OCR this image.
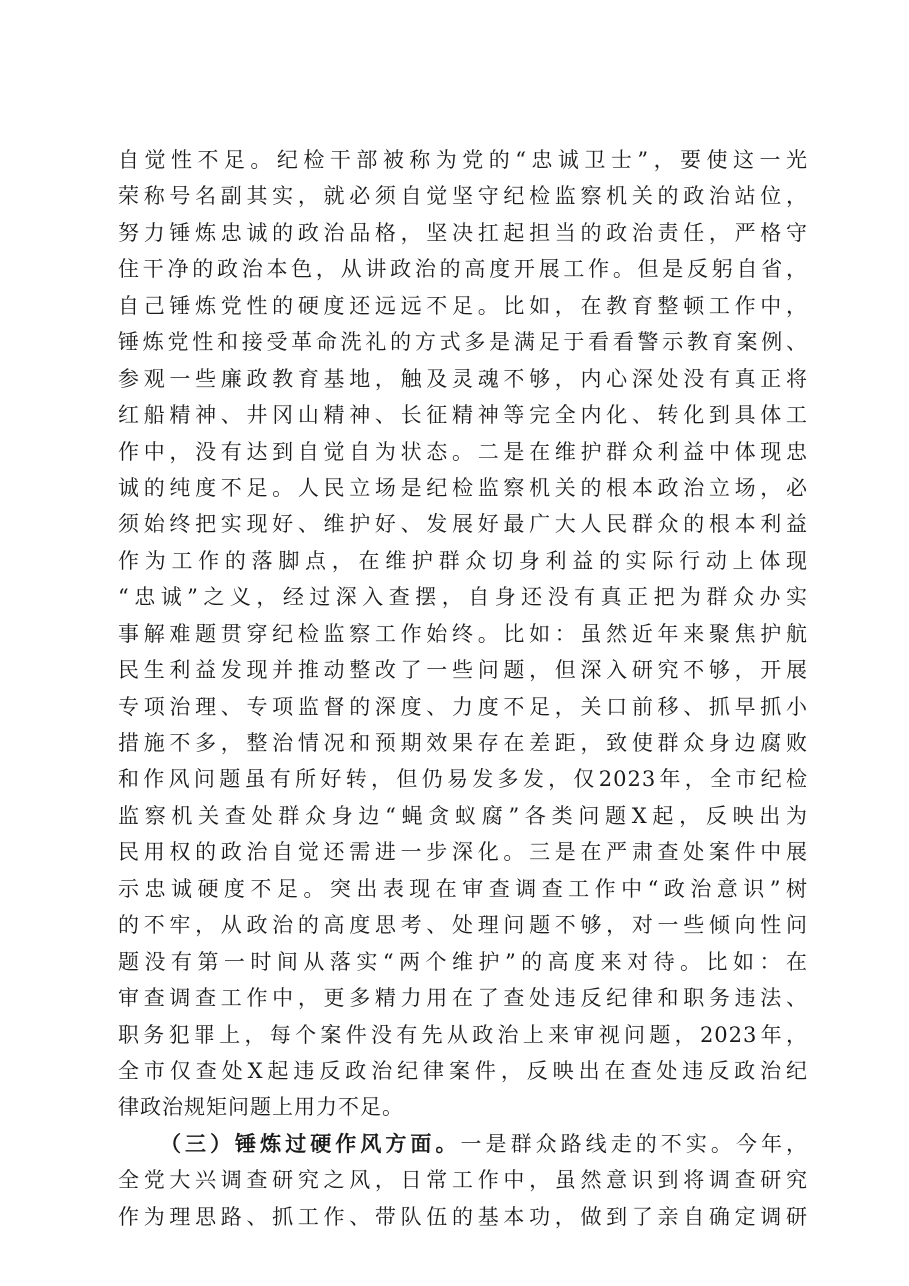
自觉性不足。纪检干部被称为党的“忠诚卫士”，要使这一光
荣称号名副其实，就必须自觉坚守纪检监察机关的政治站位，
努力锤炼忠诚的政治品格，坚决扛起担当的政治责任，严格守
住干净的政治本色，从讲政治的高度开展工作。但是反躬自省，
自己锤炼党性的硬度还远远不足。比如，在教育整顿工作中，
锤炼党性和接受革命洗礼的方式多是满足于看看警示教育案例、
参观一些廉政教育基地，触及灵魂不够，内心深处没有真正将
红船精神、井冈山精神、长征精神等完全内化、转化到具体工
作中，没有达到自觉自为状态。二是在维护群众利益中体现忠
诚的纯度不足。人民立场是纪检监察机关的根本政治立场，必
须始终把实现好、维护好、发展好最广大人民群众的根本利益
作为工作的落脚点，在维护群众切身利益的实际行动上体现
“忠诚”之义，经过深入查摆，自身还没有真正把为群众办实
事解难题贯穿纪检监察工作始终。比如：虽然近年来聚焦护航
民生利益发现并推动整改了一些问题，但深入研究不够，开展
专项治理、专项监督的深度、力度不足，关口前移、抓早抓小
措施不多，整治情况和预期效果存在差距，致使群众身边腐败
和作风问题虽有所好转，但仍易发多发，仅2023年，全市纪检
监察机关查处群众身边“蝇贪蚁腐”各类问题X起，反映出为
民用权的政治自觉还需进一步深化。三是在严肃查处案件中展
示忠诚硬度不足。突出表现在审查调查工作中“政治意识”树
的不牢，从政治的高度思考、处理问题不够，对一些倾向性问
题没有第一时间从落实“两个维护”的高度来对待。比如：在
审查调查工作中，更多精力用在了查处违反纪律和职务违法、
职务犯罪上，每个案件没有先从政治上来审视问题，2023年，
全市仅查处X起违反政治纪律案件，反映出在查处违反政治纪
律政治规矩问题上用力不足。
（三）锤炼过硬作风方面。一是群众路线走的不实。今年，
全党大兴调查研究之风，日常工作中，虽然意识到将调查研究
作为理思路、抓工作、带队伍的基本功，做到了亲自确定调研
